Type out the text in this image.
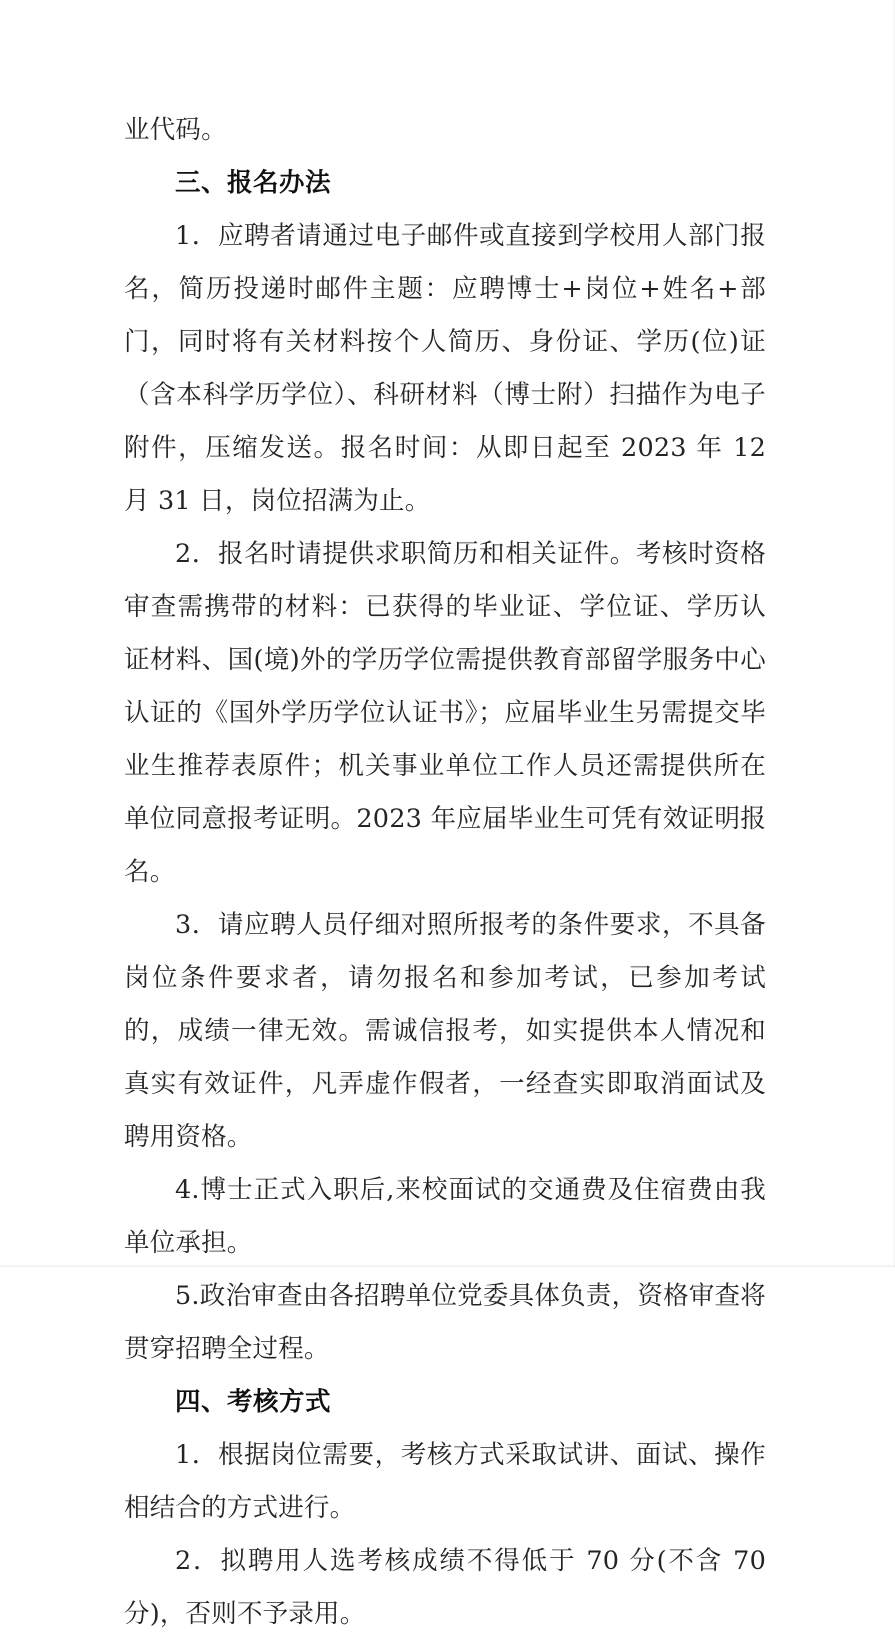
业代码。

三、报名办法

1．应聘者请通过电子邮件或直接到学校用人部门报名，简历投递时邮件主题：应聘博士+岗位+姓名+部门，同时将有关材料按个人简历、身份证、学历(位)证（含本科学历学位）、科研材料（博士附）扫描作为电子附件，压缩发送。报名时间：从即日起至 2023 年 12 月 31 日，岗位招满为止。

2．报名时请提供求职简历和相关证件。考核时资格审查需携带的材料：已获得的毕业证、学位证、学历认证材料、国(境)外的学历学位需提供教育部留学服务中心认证的《国外学历学位认证书》；应届毕业生另需提交毕业生推荐表原件；机关事业单位工作人员还需提供所在单位同意报考证明。2023 年应届毕业生可凭有效证明报名。

3．请应聘人员仔细对照所报考的条件要求，不具备岗位条件要求者，请勿报名和参加考试，已参加考试的，成绩一律无效。需诚信报考，如实提供本人情况和真实有效证件，凡弄虚作假者，一经查实即取消面试及聘用资格。

4.博士正式入职后,来校面试的交通费及住宿费由我单位承担。

5.政治审查由各招聘单位党委具体负责，资格审查将贯穿招聘全过程。

四、考核方式

1．根据岗位需要，考核方式采取试讲、面试、操作相结合的方式进行。

2．拟聘用人选考核成绩不得低于 70 分(不含 70 分)，否则不予录用。
